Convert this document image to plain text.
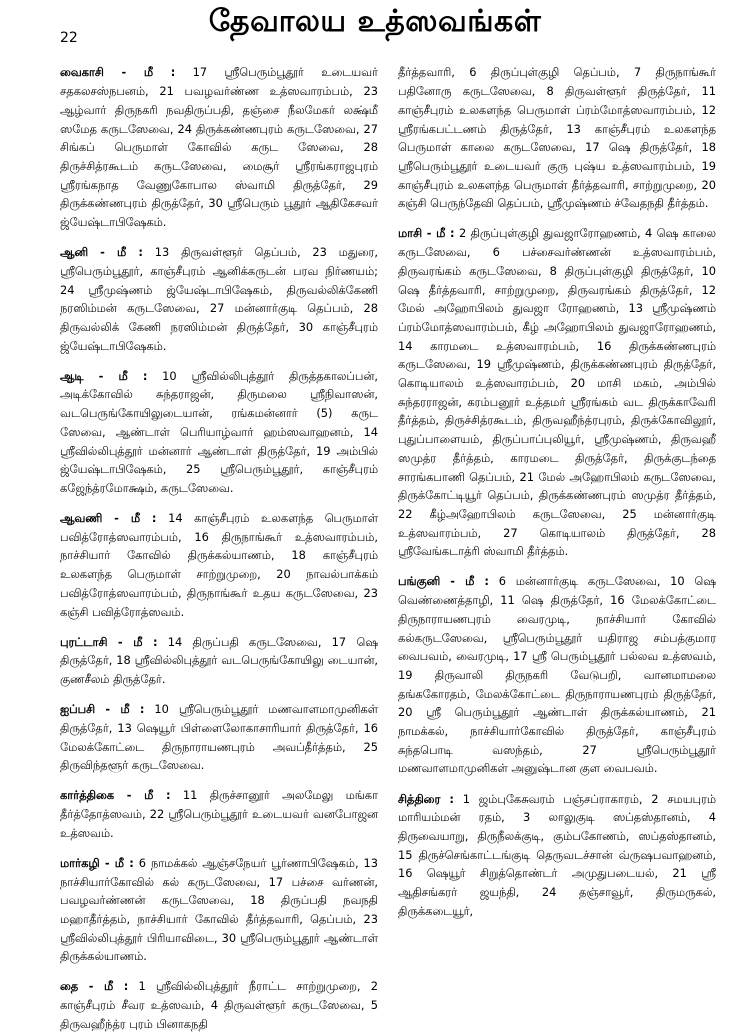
22	தேவாலய உத்ஸவங்கள்

வைகாசி - மீ : 17 ஸ்ரீபெரும்பூதூர் உடையவர் சதகலசஸ்நபனம், 21 பவழவர்ண்ண உத்ஸவாரம்பம், 23 ஆழ்வார் திருநகரி நவதிருப்பதி, தஞ்சை நீலமேகர் லக்ஷ்மீ ஸமேத கருடஸேவை, 24 திருக்கண்ணபுரம் கருடஸேவை, 27 சிங்கப் பெருமாள் கோவில் கருட ஸேவை, 28 திருச்சித்ரகூடம் கருடஸேவை, மைசூர் ஸ்ரீரங்கராஜபுரம் ஸ்ரீரங்கநாத வேணுகோபால ஸ்வாமி திருத்தேர், 29 திருக்கண்ணபுரம் திருத்தேர், 30 ஸ்ரீபெரும் பூதூர் ஆதிகேசவர் ஜ்யேஷ்டாபிஷேகம்.

ஆனி - மீ : 13 திருவள்ளூர் தெப்பம், 23 மதுரை, ஸ்ரீபெரும்பூதூர், காஞ்சீபுரம் ஆனிக்கருடன் பரவ நிர்ணயம்; 24 ஸ்ரீமுஷ்ணம் ஜ்யேஷ்டாபிஷேகம், திருவல்லிக்கேணி நரஸிம்மன் கருடஸேவை, 27 மன்னார்குடி தெப்பம், 28 திருவல்லிக் கேணி நரஸிம்மன் திருத்தேர், 30 காஞ்சீபுரம் ஜ்யேஷ்டாபிஷேகம்.

ஆடி - மீ : 10 ஸ்ரீவில்லிபுத்தூர் திருத்தகாலப்பன், அடிக்கோவில் சுந்தராஜன், திருமலை ஸ்ரீநிவாஸன், வடபெருங்கோயிலுடையான், ரங்கமன்னார் (5) கருட ஸேவை, ஆண்டாள் பெரியாழ்வார் ஹம்ஸவாஹனம், 14 ஸ்ரீவில்லிபுத்தூர் மன்னார் ஆண்டாள் திருத்தேர், 19 அம்பில் ஜ்யேஷ்டாபிஷேகம், 25 ஸ்ரீபெரும்பூதூர், காஞ்சீபுரம் கஜேந்த்ரமோக்ஷம், கருடஸேவை.

ஆவணி - மீ : 14 காஞ்சீபுரம் உலகளந்த பெருமாள் பவித்ரோத்ஸவாரம்பம், 16 திருநாங்கூர் உத்ஸவாரம்பம், நாச்சியார் கோவில் திருக்கல்யாணம், 18 காஞ்சீபுரம் உலகளந்த பெருமாள் சாற்றுமுறை, 20 நாவல்பாக்கம் பவித்ரோத்ஸவாரம்பம், திருநாங்கூர் உதய கருடஸேவை, 23 கஞ்சி பவித்ரோத்ஸவம்.

புரட்டாசி - மீ : 14 திருப்பதி கருடஸேவை, 17 ஷெ திருத்தேர், 18 ஸ்ரீவில்லிபுத்தூர் வடபெருங்கோயிலு டையான், குணசீலம் திருத்தேர்.

ஐப்பசி - மீ : 10 ஸ்ரீபெரும்பூதூர் மணவாளமாமுனிகள் திருத்தேர், 13 ஷெயூர் பிள்ளைலோகாசாரியார் திருத்தேர், 16 மேலக்கோட்டை திருநாராயணபுரம் அவப்தீர்த்தம், 25 திருவிந்தளூர் கருடஸேவை.

கார்த்திகை - மீ : 11 திருச்சானூர் அலமேலு மங்கா தீர்த்தோத்ஸவம், 22 ஸ்ரீபெரும்பூதூர் உடையவர் வனபோஜன உத்ஸவம்.

மார்கழி - மீ : 6 நாமக்கல் ஆஞ்சநேயர் பூர்ணாபிஷேகம், 13 நாச்சியார்கோவில் கல் கருடஸேவை, 17 பச்சை வர்ணன், பவழவர்ண்ணன் கருடஸேவை, 18 திருப்பதி நவநதி மஹாதீர்த்தம், நாச்சியார் கோவில் தீர்த்தவாரி, தெப்பம், 23 ஸ்ரீவில்லிபுத்தூர் பிரியாவிடை, 30 ஸ்ரீபெரும்பூதூர் ஆண்டாள் திருக்கல்யாணம்.

தை - மீ : 1 ஸ்ரீவில்லிபுத்தூர் நீராட்ட சாற்றுமுறை, 2 காஞ்சீபுரம் சீவர உத்ஸவம், 4 திருவள்ளூர் கருடஸேவை, 5 திருவஹீந்த்ர புரம் பினாகநதி

தீர்த்தவாரி, 6 திருப்புள்குழி தெப்பம், 7 திருநாங்கூர் பதினோரு கருடஸேவை, 8 திருவள்ளூர் திருத்தேர், 11 காஞ்சீபுரம் உலகளந்த பெருமாள் ப்ரம்மோத்ஸவாரம்பம், 12 ஸ்ரீரங்கபட்டணம் திருத்தேர், 13 காஞ்சீபுரம் உலகளந்த பெருமாள் காலை கருடஸேவை, 17 ஷெ திருத்தேர், 18 ஸ்ரீபெரும்பூதூர் உடையவர் குரு புஷ்ய உத்ஸவாரம்பம், 19 காஞ்சீபுரம் உலகளந்த பெருமாள் தீர்த்தவாரி, சாற்றுமுறை, 20 கஞ்சி பெருந்தேவி தெப்பம், ஸ்ரீமுஷ்ணம் ச்வேதநதி தீர்த்தம்.

மாசி - மீ : 2 திருப்புள்குழி துவஜாரோஹணம், 4 ஷெ காலை கருடஸேவை, 6 பச்சைவர்ண்ணன் உத்ஸவாரம்பம், திருவரங்கம் கருடஸேவை, 8 திருப்புள்குழி திருத்தேர், 10 ஷெ தீர்த்தவாரி, சாற்றுமுறை, திருவரங்கம் திருத்தேர், 12 மேல் அஹோபிலம் துவஜா ரோஹணம், 13 ஸ்ரீமுஷ்ணம் ப்ரம்மோத்ஸவாரம்பம், கீழ் அஹோபிலம் துவஜாரோஹணம், 14 காரமடை உத்ஸவாரம்பம், 16 திருக்கண்ணபுரம் கருடஸேவை, 19 ஸ்ரீமுஷ்ணம், திருக்கண்ணபுரம் திருத்தேர், கொடியாலம் உத்ஸவாரம்பம், 20 மாசி மகம், அம்பில் சுந்தரராஜன், கரம்பனூர் உத்தமர் ஸ்ரீரங்கம் வட திருக்காவேரி தீர்த்தம், திருச்சித்ரகூடம், திருவஹீந்த்ரபுரம், திருக்கோவிலூர், புதுப்பாளையம், திருப்பாப்புலியூர், ஸ்ரீமுஷ்ணம், திருவஹீ ஸமுத்ர தீர்த்தம், காரமடை திருத்தேர், திருக்குடந்தை சாரங்கபாணி தெப்பம், 21 மேல் அஹோபிலம் கருடஸேவை, திருக்கோட்டியூர் தெப்பம், திருக்கண்ணபுரம் ஸமுத்ர தீர்த்தம், 22 கீழ்அஹோபிலம் கருடஸேவை, 25 மன்னார்குடி உத்ஸவாரம்பம், 27 கொடியாலம் திருத்தேர், 28 ஸ்ரீவேங்கடாத்ரி ஸ்வாமி தீர்த்தம்.

பங்குனி - மீ : 6 மன்னார்குடி கருடஸேவை, 10 ஷெ வெண்ணைத்தாழி, 11 ஷெ திருத்தேர், 16 மேலக்கோட்டை திருநாராயணபுரம் வைரமுடி, நாச்சியார் கோவில் கல்கருடஸேவை, ஸ்ரீபெரும்பூதூர் யதிராஜ சம்பத்குமார வைபவம், வைரமுடி, 17 ஸ்ரீ பெரும்பூதூர் பல்லவ உத்ஸவம், 19 திருவாலி திருநகரி வேடுபறி, வானமாமலை தங்ககோரதம், மேலக்கோட்டை திருநாராயணபுரம் திருத்தேர், 20 ஸ்ரீ பெரும்பூதூர் ஆண்டாள் திருக்கல்யாணம், 21 நாமக்கல், நாச்சியார்கோவில் திருத்தேர், காஞ்சீபுரம் சுந்தபொடி வஸந்தம், 27 ஸ்ரீபெரும்பூதூர் மணவாளமாமுனிகள் அனுஷ்டான குள வைபவம்.

சித்திரை : 1 ஜம்புகேசுவரம் பஞ்சப்ராகாரம், 2 சமயபுரம் மாரியம்மன் ரதம், 3 லாலுகுடி ஸப்தஸ்தானம், 4 திருவையாறு, திருநீலக்குடி, கும்பகோணம், ஸப்தஸ்தானம், 15 திருச்செங்காட்டங்குடி தெருவடச்சான் வ்ருஷபவாஹனம், 16 ஷெயூர் சிறுத்தொண்டர் அமுதுபடையல், 21 ஸ்ரீ ஆதிசங்கரர் ஜயந்தி, 24 தஞ்சாவூர், திருமருகல், திருக்கடையூர்,
